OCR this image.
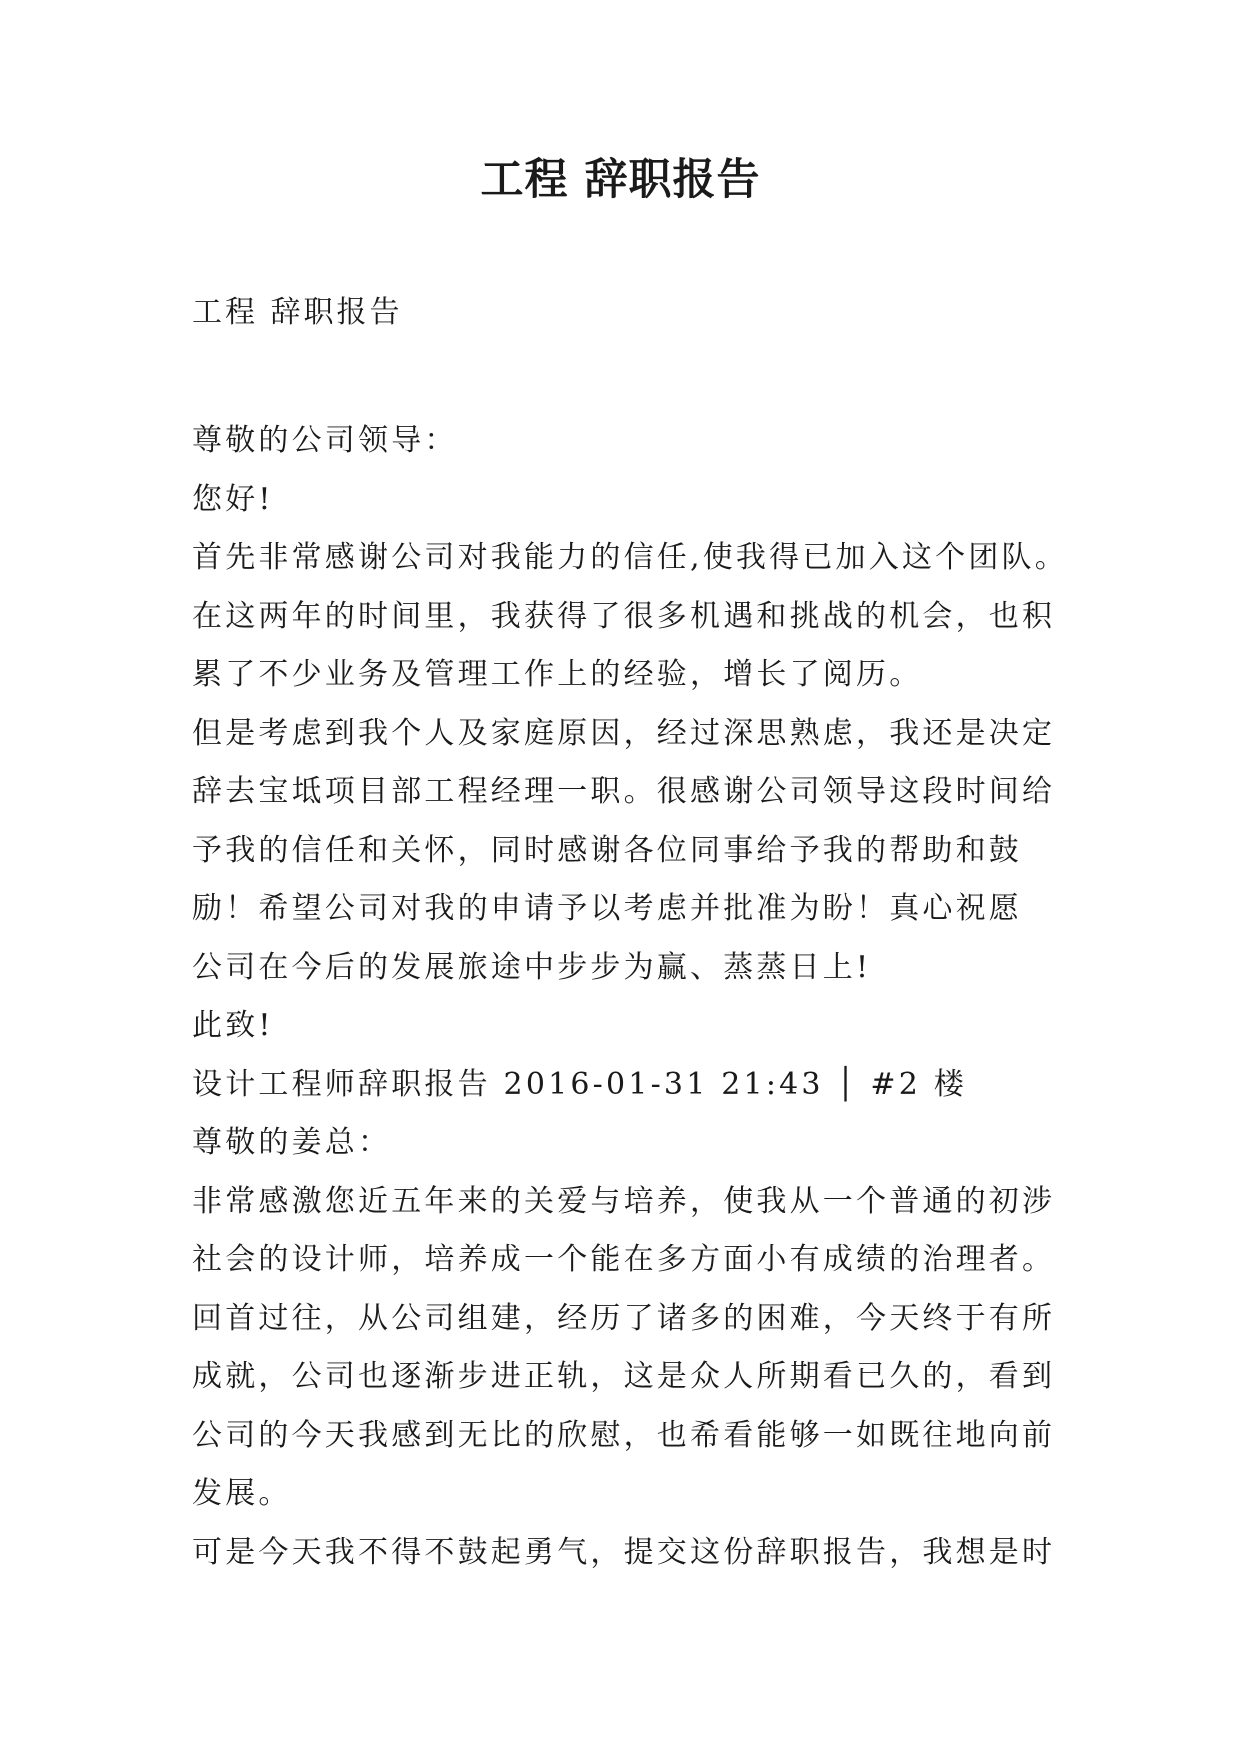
工程 辞职报告

工程 辞职报告

尊敬的公司领导：
您好!
首先非常感谢公司对我能力的信任,使我得已加入这个团队。
在这两年的时间里，我获得了很多机遇和挑战的机会，也积
累了不少业务及管理工作上的经验，增长了阅历。
但是考虑到我个人及家庭原因，经过深思熟虑，我还是决定
辞去宝坻项目部工程经理一职。很感谢公司领导这段时间给
予我的信任和关怀，同时感谢各位同事给予我的帮助和鼓
励！希望公司对我的申请予以考虑并批准为盼！真心祝愿
公司在今后的发展旅途中步步为赢、蒸蒸日上!
此致!
设计工程师辞职报告 2016-01-31 21:43 │ #2 楼
尊敬的姜总：
非常感激您近五年来的关爱与培养，使我从一个普通的初涉
社会的设计师，培养成一个能在多方面小有成绩的治理者。
回首过往，从公司组建，经历了诸多的困难，今天终于有所
成就，公司也逐渐步进正轨，这是众人所期看已久的，看到
公司的今天我感到无比的欣慰，也希看能够一如既往地向前
发展。
可是今天我不得不鼓起勇气，提交这份辞职报告，我想是时
